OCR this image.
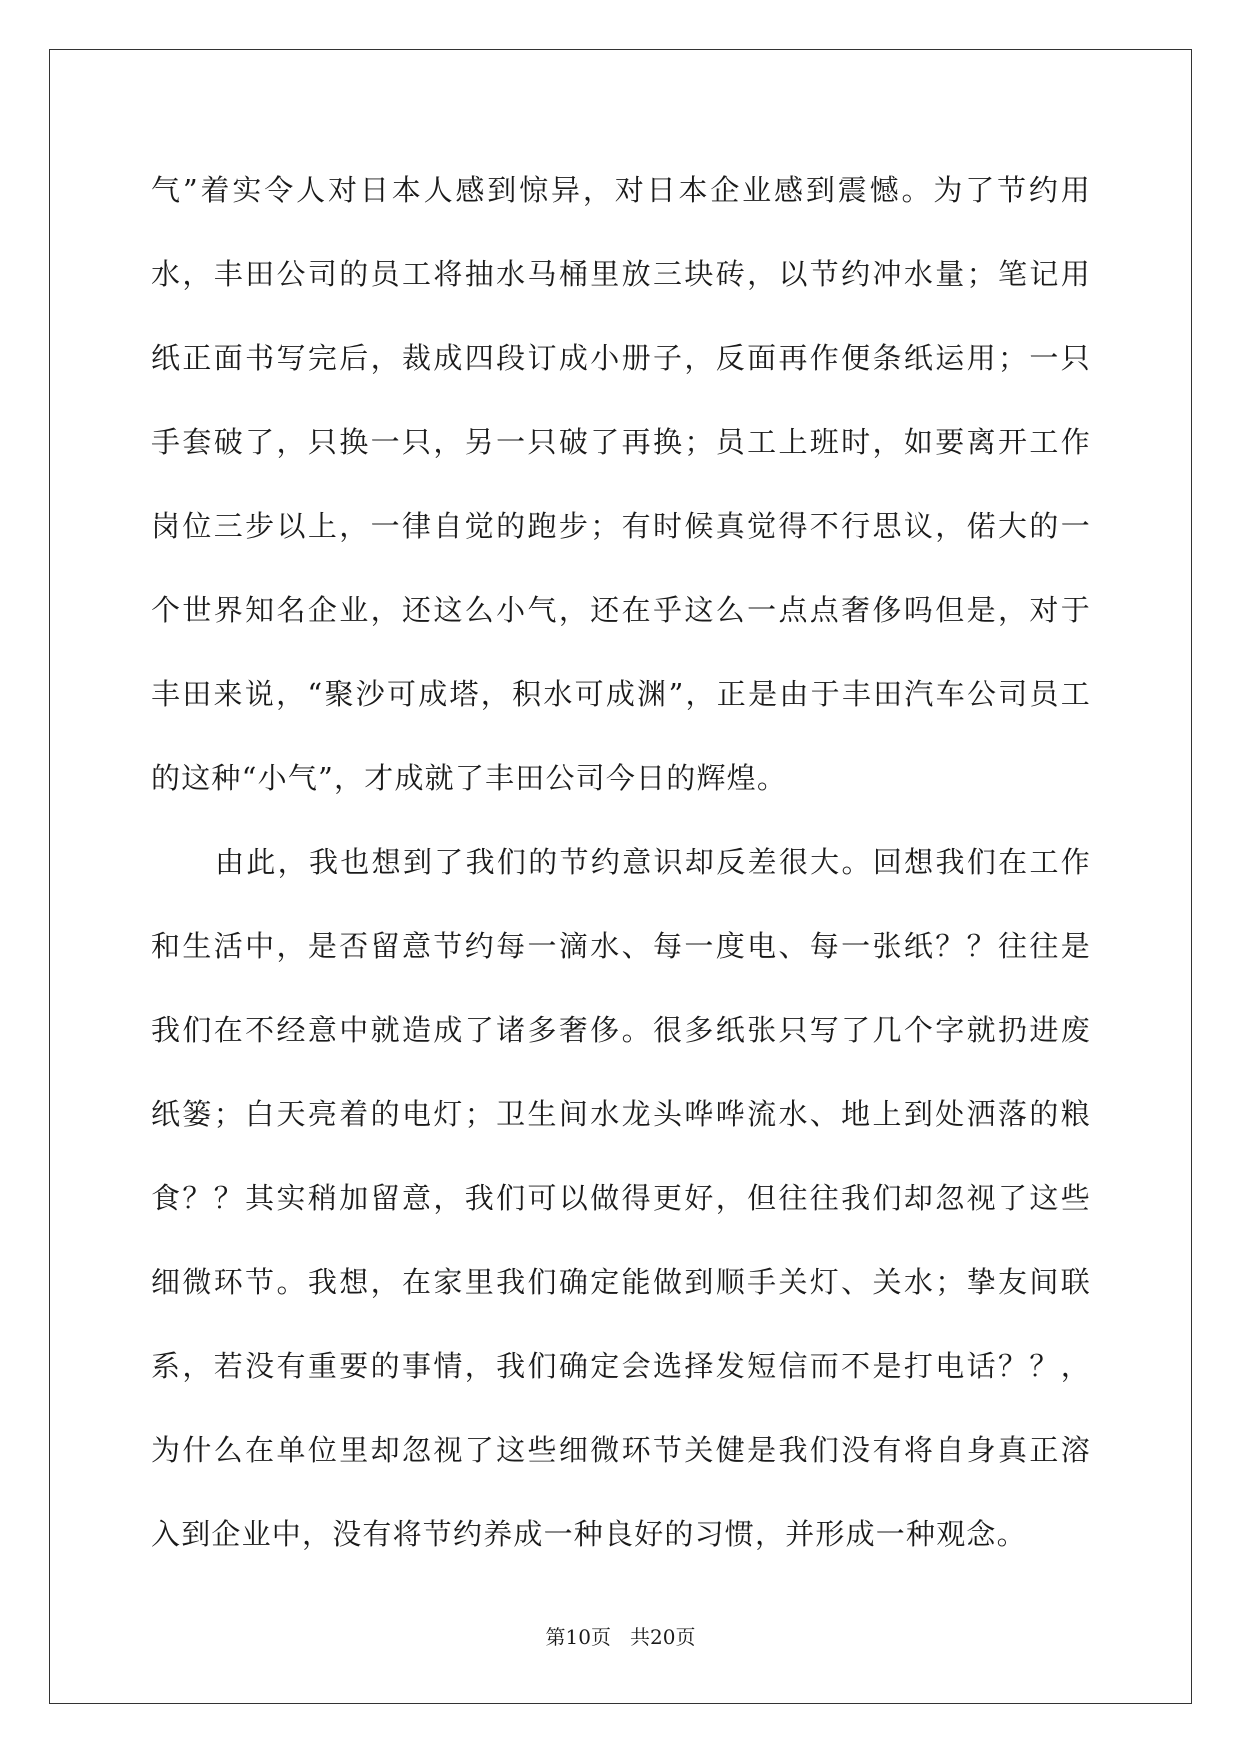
气”着实令人对日本人感到惊异，对日本企业感到震憾。为了节约用
水，丰田公司的员工将抽水马桶里放三块砖，以节约冲水量；笔记用
纸正面书写完后，裁成四段订成小册子，反面再作便条纸运用；一只
手套破了，只换一只，另一只破了再换；员工上班时，如要离开工作
岗位三步以上，一律自觉的跑步；有时候真觉得不行思议，偌大的一
个世界知名企业，还这么小气，还在乎这么一点点奢侈吗但是，对于
丰田来说，“聚沙可成塔，积水可成渊”，正是由于丰田汽车公司员工
的这种“小气”，才成就了丰田公司今日的辉煌。
由此，我也想到了我们的节约意识却反差很大。回想我们在工作
和生活中，是否留意节约每一滴水、每一度电、每一张纸？？往往是
我们在不经意中就造成了诸多奢侈。很多纸张只写了几个字就扔进废
纸篓；白天亮着的电灯；卫生间水龙头哗哗流水、地上到处洒落的粮
食？？其实稍加留意，我们可以做得更好，但往往我们却忽视了这些
细微环节。我想，在家里我们确定能做到顺手关灯、关水；挚友间联
系，若没有重要的事情，我们确定会选择发短信而不是打电话？？，
为什么在单位里却忽视了这些细微环节关健是我们没有将自身真正溶
入到企业中，没有将节约养成一种良好的习惯，并形成一种观念。
第10页   共20页
